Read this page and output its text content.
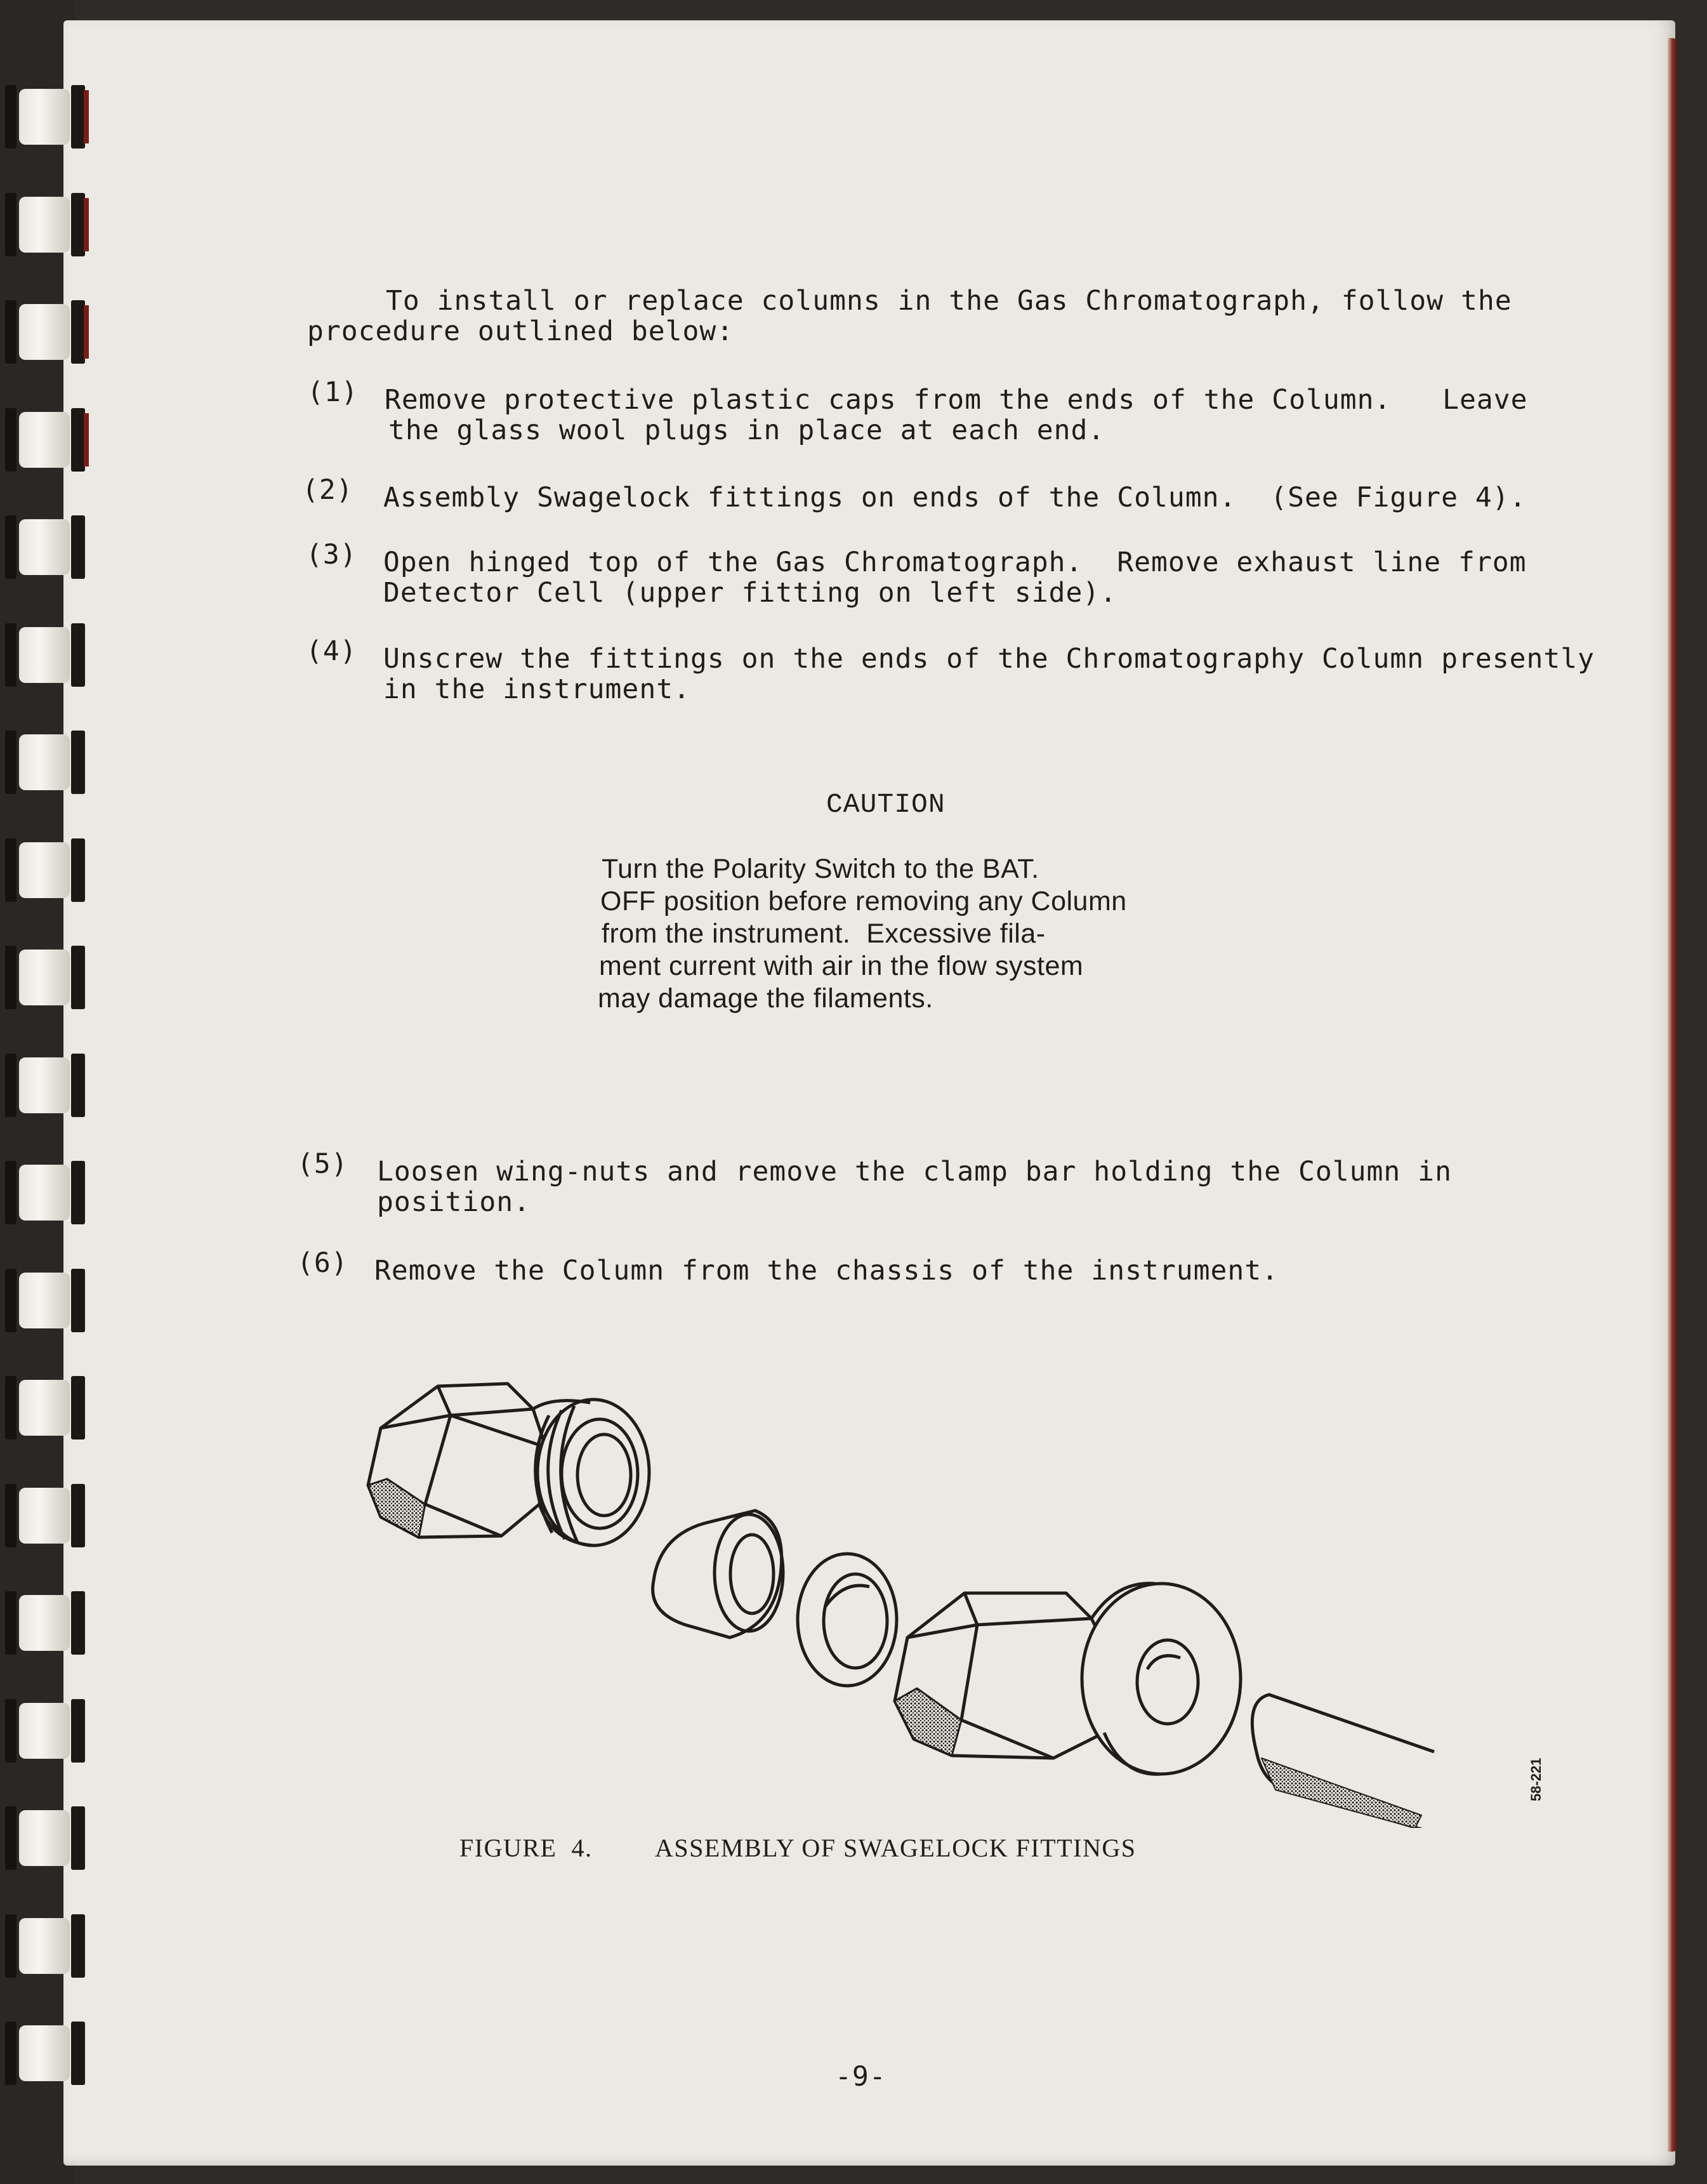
To install or replace columns in the Gas Chromatograph, follow the
procedure outlined below:
(1) Remove protective plastic caps from the ends of the Column.   Leave
the glass wool plugs in place at each end.
(2) Assembly Swagelock fittings on ends of the Column.  (See Figure 4).
(3) Open hinged top of the Gas Chromatograph.  Remove exhaust line from
Detector Cell (upper fitting on left side).
(4) Unscrew the fittings on the ends of the Chromatography Column presently
in the instrument.
CAUTION
Turn the Polarity Switch to the BAT.
OFF position before removing any Column
from the instrument.  Excessive fila-
ment current with air in the flow system
may damage the filaments.
(5) Loosen wing-nuts and remove the clamp bar holding the Column in
position.
(6) Remove the Column from the chassis of the instrument.
58-221
FIGURE  4. ASSEMBLY OF SWAGELOCK FITTINGS
-9-
